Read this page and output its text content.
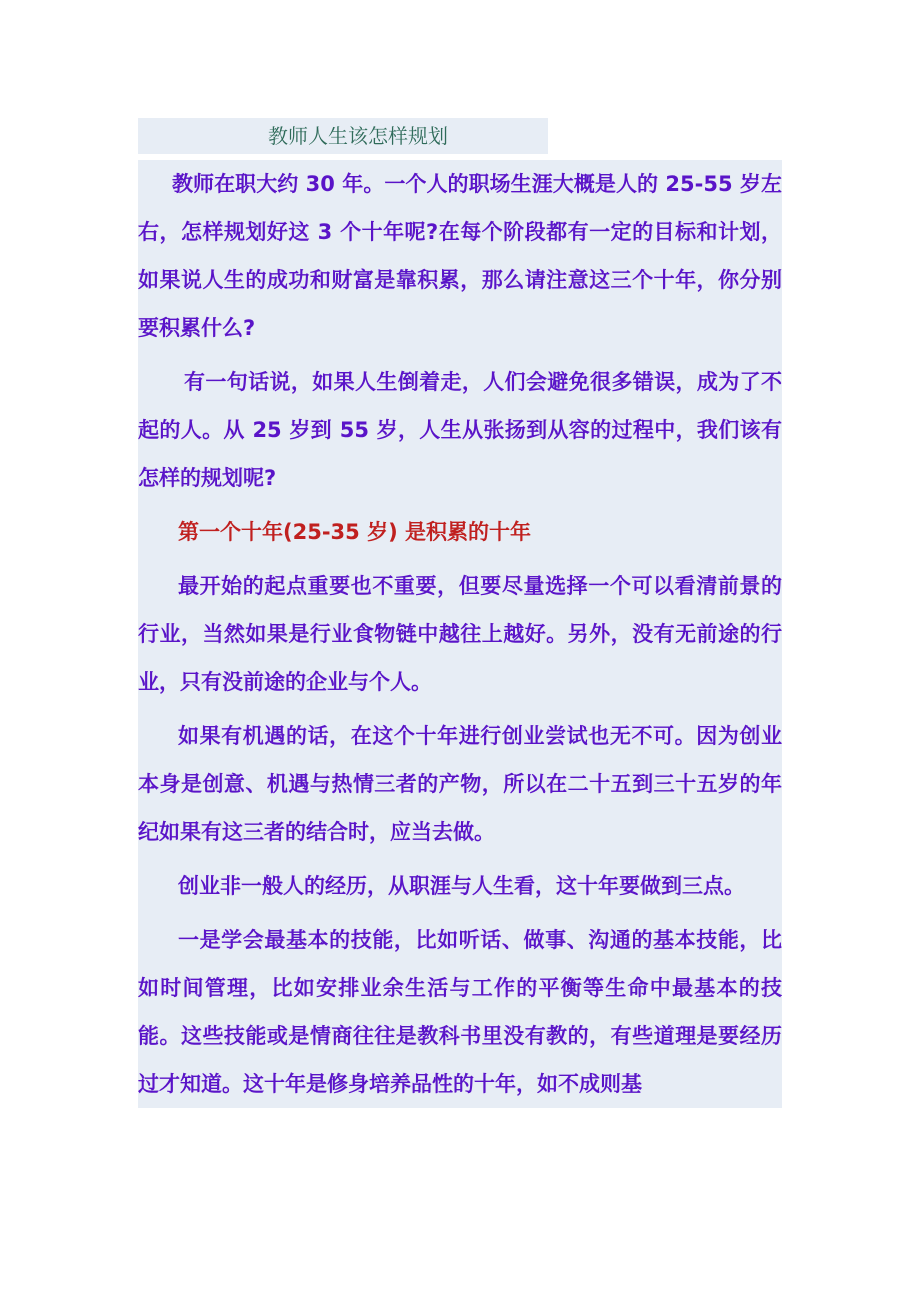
教师人生该怎样规划

教师在职大约 30 年。一个人的职场生涯大概是人的 25-55 岁左右，怎样规划好这 3 个十年呢?在每个阶段都有一定的目标和计划，如果说人生的成功和财富是靠积累，那么请注意这三个十年，你分别要积累什么?

有一句话说，如果人生倒着走，人们会避免很多错误，成为了不起的人。从 25 岁到 55 岁，人生从张扬到从容的过程中，我们该有怎样的规划呢?

第一个十年(25-35 岁) 是积累的十年

最开始的起点重要也不重要，但要尽量选择一个可以看清前景的行业，当然如果是行业食物链中越往上越好。另外，没有无前途的行业，只有没前途的企业与个人。

如果有机遇的话，在这个十年进行创业尝试也无不可。因为创业本身是创意、机遇与热情三者的产物，所以在二十五到三十五岁的年纪如果有这三者的结合时，应当去做。

创业非一般人的经历，从职涯与人生看，这十年要做到三点。

一是学会最基本的技能，比如听话、做事、沟通的基本技能，比如时间管理，比如安排业余生活与工作的平衡等生命中最基本的技能。这些技能或是情商往往是教科书里没有教的，有些道理是要经历过才知道。这十年是修身培养品性的十年，如不成则基
